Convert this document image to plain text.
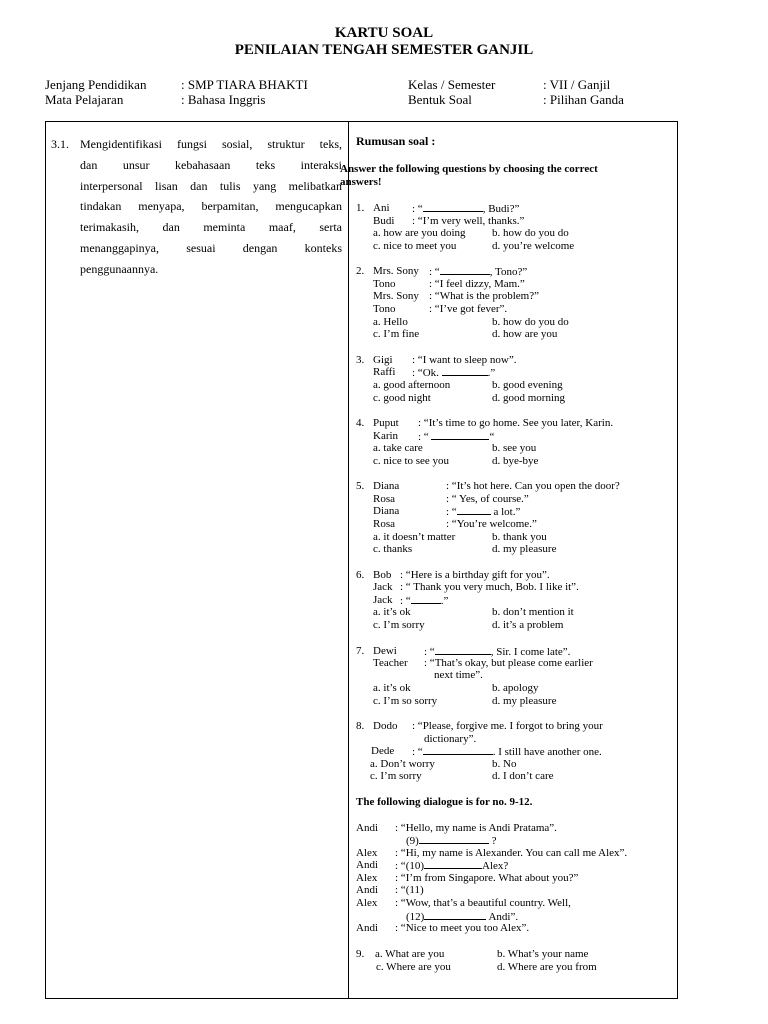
KARTU SOAL
PENILAIAN TENGAH SEMESTER GANJIL
Jenjang Pendidikan	: SMP TIARA BHAKTI	Kelas / Semester	: VII / Ganjil
Mata Pelajaran	: Bahasa Inggris	Bentuk Soal	: Pilihan Ganda
3.1. Mengidentifikasi fungsi sosial, struktur teks,
dan unsur kebahasaan teks interaksi
interpersonal lisan dan tulis yang melibatkan
tindakan menyapa, berpamitan, mengucapkan
terimakasih, dan meminta maaf, serta
menanggapinya, sesuai dengan konteks
penggunaannya.
Rumusan soal :
Answer the following questions by choosing the correct
answers!
1. Ani : “	, Budi?”
Budi : “I’m very well, thanks.”
a. how are you doing b. how do you do
c. nice to meet you	d. you’re welcome
2. Mrs. Sony : “	, Tono?”
Tono	: “I feel dizzy, Mam.”
Mrs. Sony : “What is the problem?”
Tono	: “I’ve got fever”.
a. Hello	b. how do you do
c. I’m fine	d. how are you
3. Gigi : “I want to sleep now”.
Raffi : “Ok.	.”
a. good afternoon	b. good evening
c. good night	d. good morning
4. Puput : “It’s time to go home. See you later, Karin.
Karin : “	“
a. take care	b. see you
c. nice to see you	d. bye-bye
5. Diana	: “It’s hot here. Can you open the door?
Rosa	: “ Yes, of course.”
Diana	: “	a lot.”
Rosa	: “You’re welcome.”
a. it doesn’t matter	b. thank you
c. thanks	d. my pleasure
6. Bob : “Here is a birthday gift for you”.
Jack : “ Thank you very much, Bob. I like it”.
Jack : “	.”
a. it’s ok	b. don’t mention it
c. I’m sorry	d. it’s a problem
7. Dewi : “	, Sir. I come late”.
Teacher : “That’s okay, but please come earlier
next time”.
a. it’s ok	b. apology
c. I’m so sorry	d. my pleasure
8. Dodo : “Please, forgive me. I forgot to bring your
dictionary”.
Dede : “	. I still have another one.
a. Don’t worry	b. No
c. I’m sorry	d. I don’t care
The following dialogue is for no. 9-12.
Andi : “Hello, my name is Andi Pratama”.
(9)	?
Alex : “Hi, my name is Alexander. You can call me Alex”.
Andi : “(10)	Alex?
Alex : “I’m from Singapore. What about you?”
Andi : “(11)
Alex : “Wow, that’s a beautiful country. Well,
(12)	Andi”.
Andi : “Nice to meet you too Alex”.
9. a. What are you	b. What’s your name
c. Where are you	d. Where are you from
